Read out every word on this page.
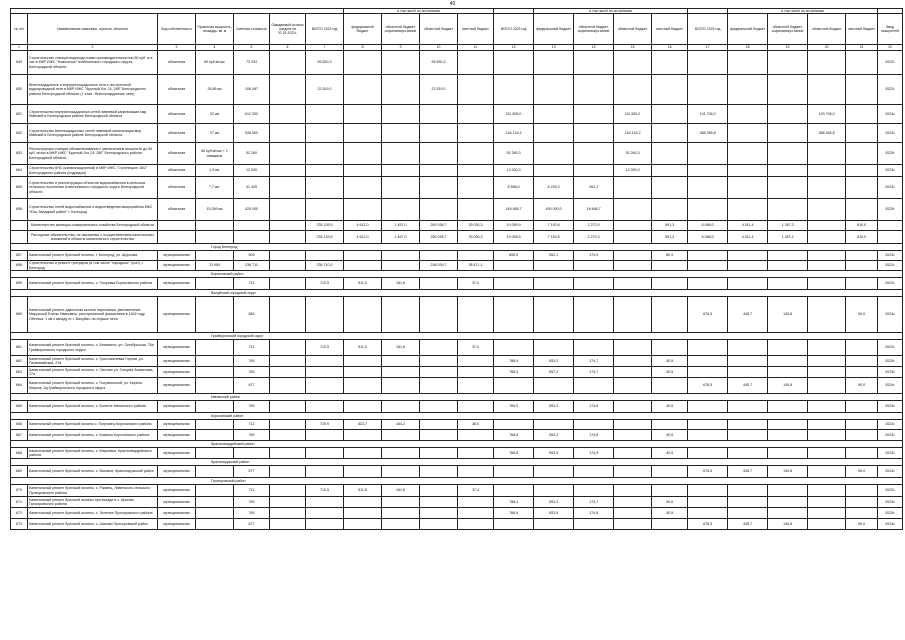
40
							в том числе по источникам					в том числе по источникам					в том числе по источникам				
№ п/п	Наименование заказчика, отрасли, объектов	Вид собственности	Проектная мощность, площадь, кв. м	Сметная стоимость	Ожидаемый остаток средств на 01.01.2022г.	ВСЕГО 2022 год	федеральный бюджет	областной бюджет, софинансиро-вание	областной бюджет	местный бюджет	ВСЕГО 2023 год	федеральный бюджет	областной бюджет, софинансиро-вание	областной бюджет	местный бюджет	ВСЕГО 2024 год	федеральный бюджет	областной бюджет, софинансиро-вание	областной бюджет	местный бюджет	Ввод мощностей
1	2	3	4	5	6	7	8	9	10	11	12	13	14	15	16	17	18	19	20	21	22
649	Строительство станции водоподготовки производительностью 80 куб. м в час в МКР ИЖС "Новоселье" Шебекинского городского округа, Белгородской области	областная	80 куб.м/час	73 234		59 830,3			59 830,3												2022г.
650	Внеплощадочные и внутриплощадочные сети к построенной водопроводной сети в МКР ИЖС "Круглый Лог 24, 28б" Белгородского района Белгородской области (1 этап - Внеплощадочные сети)	областная	26,88 км	106 087		22 519,0			22 519,0												2022г.
651	Строительство внутриплощадочных сетей ливневой канализации мкр. Майский в Белгородском районе Белгородской области	областная	32 км	612 300							211 508,0			111 500,0		101 706,0			100 706,0		2024г.
652	Строительство внеплощадочных сетей ливневой канализации мкр. Майский в Белгородском районе Белгородской области	областная	27 км	538 500							144 144,2			144 144,2		388 355,8			388 355,8		2024г.
653	Реконструкция станции обезжелезивания с увеличением мощности до 50 куб. м/час в МКР ИЖС "Круглый Лог 24, 28б" Белгородского района Белгородской области	областная	50 куб.м/час + 1 скважина	52 260							52 260,3			52 260,3							2023г.
654	Строительство КНС (канализационной) в МКР ИЖС "Стрелецкое 18/2" Белгородского района (подрядом)	областная	1,0 кв.	12 000							12 000,0			12 000,0							2023г.
655	Строительство и реконструкция объектов водоснабжения в сельском сельского поселения Алексеевского городского округа Белгородской области	областная	7,7 км.	31 425							6 558,0	6 293,2	262,2								2023г.
656	Строительство сетей водоснабжения и водоотведения микрорайона МКС "Юго-Западный район" г. Белгород	областная	15,359 км	425 000							416 665,7	400 000,0	16 666,7								2023г.
	Министерство жилищно-коммунального хозяйства Белгородской области					235 139,5	4 612,0	1 457,0	250 038,7	29 030,3	10 059,9	7 192,6	2 272,0		591,3	6 088,0	4 011,4	1 267,2		810,0	
	Расходные обязательства, не связанные с осуществлением капитальных вложений в объекты капитального строительства					235 139,5	4 612,0	1 457,0	250 038,7	29 030,3	10 059,9	7 192,6	2 272,0		591,3	6 088,0	4 011,4	1 267,2		810,0	
Город Белгород																					
657	Капитальный ремонт братской могилы, г. Белгород, ул. Щорсова	муниципальная		509							808,0	552,1	174,9		80,9						2023г.
658	Строительство и ремонт тротуаров (в том числе "народных" троп), г. Белгород	муниципальная	13 954	236 711		236 710,0			236 039,7	28 671,1											2022г.
Борисовский район																					
659	Капитальный ремонт братской могилы, с. Покровка Борисовского района	муниципальная		711		710,5	511,5	161,6		37,4											2022г.
Валуйский городской округ																					
660	Капитальный ремонт одиночная могила партизанки, увековечение Марусской Елены Ивановны, расстрелянной фашистами в 1942 году. Обелиск, 1 км к западу от г. Валуйки, на опушке леса	муниципальная		683												676,5	445,7	140,8		90,0	2024г.
Грайворонский городской округ																					
661	Капитальный ремонт братской могилы, с. Безымено, ул. Октябрьская, 76а Грайворонского городского округа	муниципальная		711		710,5	511,5	161,6		37,4											2022г.
662	Капитальный ремонт братской могилы, с. Гроссовичевка Горлов, ул. Первомайская, 27а	муниципальная		789							788,4	553,2	174,7		40,5						2023г.
663	Капитальный ремонт братской могилы, с. Гапхово ул. Гонцова Асманчика, 27а	муниципальная		789							768,4	557,2	174,7		40,5						2023г.
664	Капитальный ремонт братской могилы, с. Пограничный, ул. Кирила Мерков, 2д Грайворонского городского округа	муниципальная		677												676,5	445,7	140,8		90,0	2024г.
Ивнянский район																					
665	Капитальный ремонт братской могилы, с. Богатое Ивнянского района	муниципальная		769							769,0	553,2	174,8		40,5						2023г.
Корочанский район																					
666	Капитальный ремонт братской могилы с. Погромец Корочанского района	муниципальная		712		725,9	523,7	164,2		38,0											2022г.
667	Капитальный ремонт братской могилы, с. Казанка Корочанского района	муниципальная		769							768,8	553,2	174,8		40,5						2023г.
Красногвардейский район																					
668	Капитальный ремонт братской могилы, с. Марьевка, Красногвардейского района	муниципальная									768,8	553,5	174,9		40,5						2023г.
Краснояружский район																					
669	Капитальный ремонт братской могилы, с. Вязовое, Краснояружский район	муниципальная		677												676,5	445,7	140,8		90,0	2024г.
Прохоровский район																					
670	Капитальный ремонт братской могилы, с. Ржавец, Ливенского сельского Прохоровского района	муниципальная		711		710,5	511,5	161,6		37,4											2022г.
671	Капитальный ремонт братской могилы при въезде в с. Шахово Прохоровского района	муниципальная		789							788,4	553,2	174,7		40,6						2023г.
672	Капитальный ремонт братской могилы, с. Зеленое Прохоровского района	муниципальная		789							768,9	553,5	174,8		40,5						2023г.
673	Капитальный ремонт братской могилы, с. Шахово Прохоровский район	муниципальная		677												676,5	445,7	140,8		90,0	2024г.
